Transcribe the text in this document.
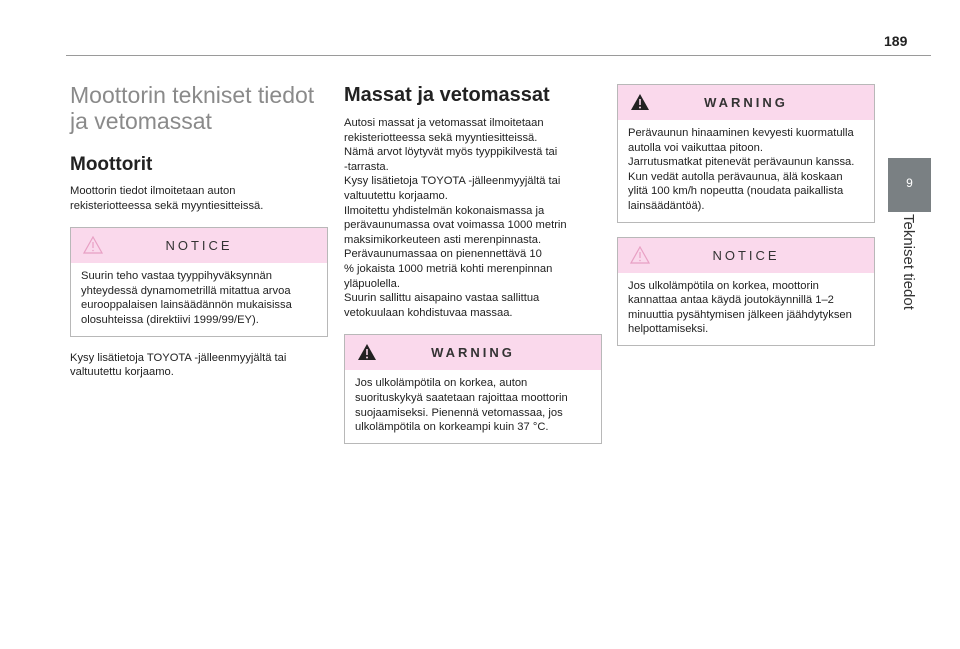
189
9
Tekniset tiedot
Moottorin tekniset tiedot
ja vetomassat
Moottorit

Moottorin tiedot ilmoitetaan auton
rekisteriotteessa sekä myyntiesitteissä.

NOTICE
Suurin teho vastaa tyyppihyväksynnän
yhteydessä dynamometrillä mitattua arvoa
eurooppalaisen lainsäädännön mukaisissa
olosuhteissa (direktiivi 1999/99/EY).

Kysy lisätietoja TOYOTA -jälleenmyyjältä tai
valtuutettu korjaamo.

Massat ja vetomassat

Autosi massat ja vetomassat ilmoitetaan
rekisteriotteessa sekä myyntiesitteissä.
Nämä arvot löytyvät myös tyyppikilvestä tai
-tarrasta.
Kysy lisätietoja TOYOTA -jälleenmyyjältä tai
valtuutettu korjaamo.
Ilmoitettu yhdistelmän kokonaismassa ja
perävaunumassa ovat voimassa 1000 metrin
maksimikorkeuteen asti merenpinnasta.
Perävaunumassaa on pienennettävä 10
% jokaista 1000 metriä kohti merenpinnan
yläpuolella.
Suurin sallittu aisapaino vastaa sallittua
vetokuulaan kohdistuvaa massaa.

WARNING
Jos ulkolämpötila on korkea, auton
suorituskykyä saatetaan rajoittaa moottorin
suojaamiseksi. Pienennä vetomassaa, jos
ulkolämpötila on korkeampi kuin 37 °C.
WARNING
Perävaunun hinaaminen kevyesti kuormatulla
autolla voi vaikuttaa pitoon.
Jarrutusmatkat pitenevät perävaunun kanssa.
Kun vedät autolla perävaunua, älä koskaan
ylitä 100 km/h nopeutta (noudata paikallista
lainsäädäntöä).
NOTICE
Jos ulkolämpötila on korkea, moottorin
kannattaa antaa käydä joutokäynnillä 1–2
minuuttia pysähtymisen jälkeen jäähdytyksen
helpottamiseksi.
